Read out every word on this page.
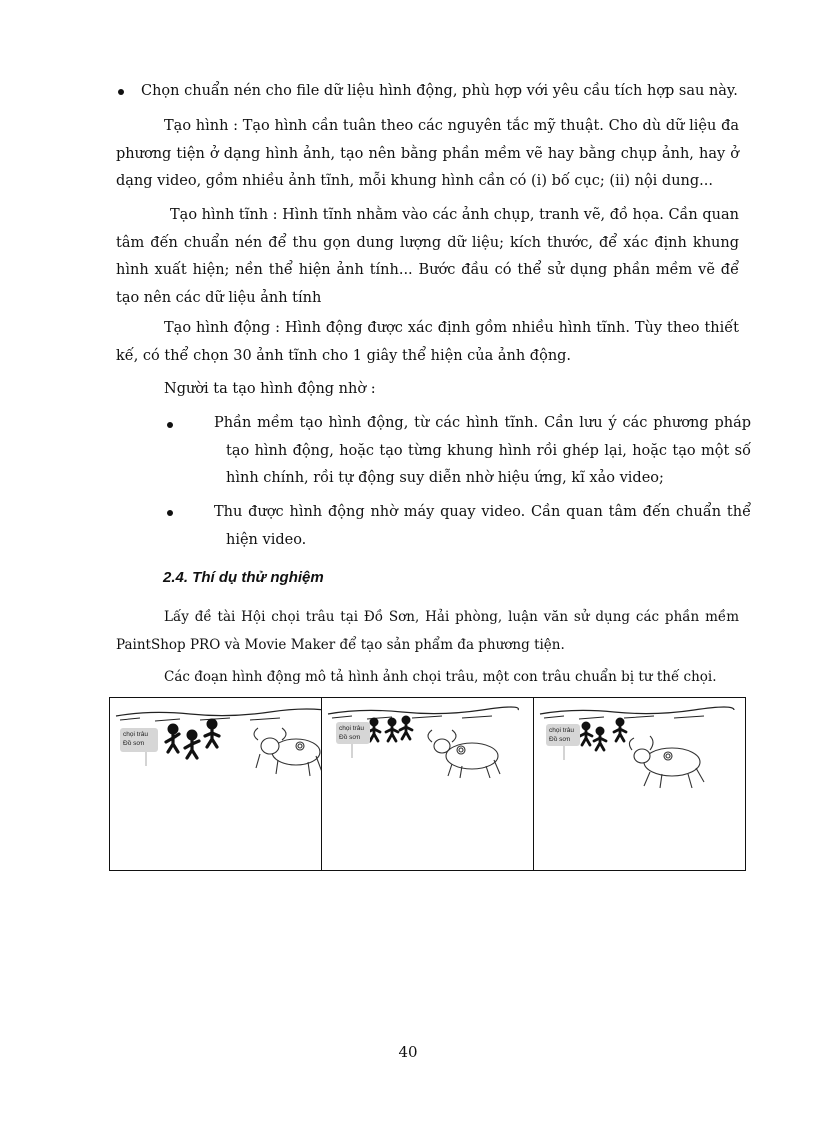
Chọn chuẩn nén cho file dữ liệu hình động, phù hợp với yêu cầu tích hợp sau này.

Tạo hình : Tạo hình cần tuân theo các nguyên tắc mỹ thuật. Cho dù dữ liệu đa phương tiện ở dạng hình ảnh, tạo nên bằng phần mềm vẽ hay bằng chụp ảnh, hay ở dạng video, gồm nhiều ảnh tĩnh, mỗi khung hình cần có (i) bố cục; (ii) nội dung...

Tạo hình tĩnh : Hình tĩnh nhằm vào các ảnh chụp, tranh vẽ, đồ họa. Cần quan tâm đến chuẩn nén để thu gọn dung lượng dữ liệu; kích thước, để xác định khung hình xuất hiện; nền thể hiện ảnh tính... Bước đầu có thể sử dụng phần mềm vẽ để tạo nên các dữ liệu ảnh tính

Tạo hình động : Hình động được xác định gồm nhiều hình tĩnh. Tùy theo thiết kế, có thể chọn 30 ảnh tĩnh cho 1 giây thể hiện của ảnh động.

Người ta tạo hình động nhờ :

Phần mềm tạo hình động, từ các hình tĩnh. Cần lưu ý các phương pháp tạo hình động, hoặc tạo từng khung hình rồi ghép lại, hoặc tạo một số hình chính, rồi tự động suy diễn nhờ hiệu ứng, kĩ xảo video;

Thu được hình động nhờ máy quay video. Cần quan tâm đến chuẩn thể hiện video.

2.4. Thí dụ thử nghiệm

Lấy đề tài Hội chọi trâu tại Đồ Sơn, Hải phòng, luận văn sử dụng các phần mềm PaintShop PRO và Movie Maker để tạo sản phẩm đa phương tiện.

Các đoạn hình động mô tả hình ảnh chọi trâu, một con trâu chuẩn bị tư thế chọi.

chọi trâu
Đồ sơn
chọi trâu
Đồ sơn
chọi trâu
Đồ sơn
40
